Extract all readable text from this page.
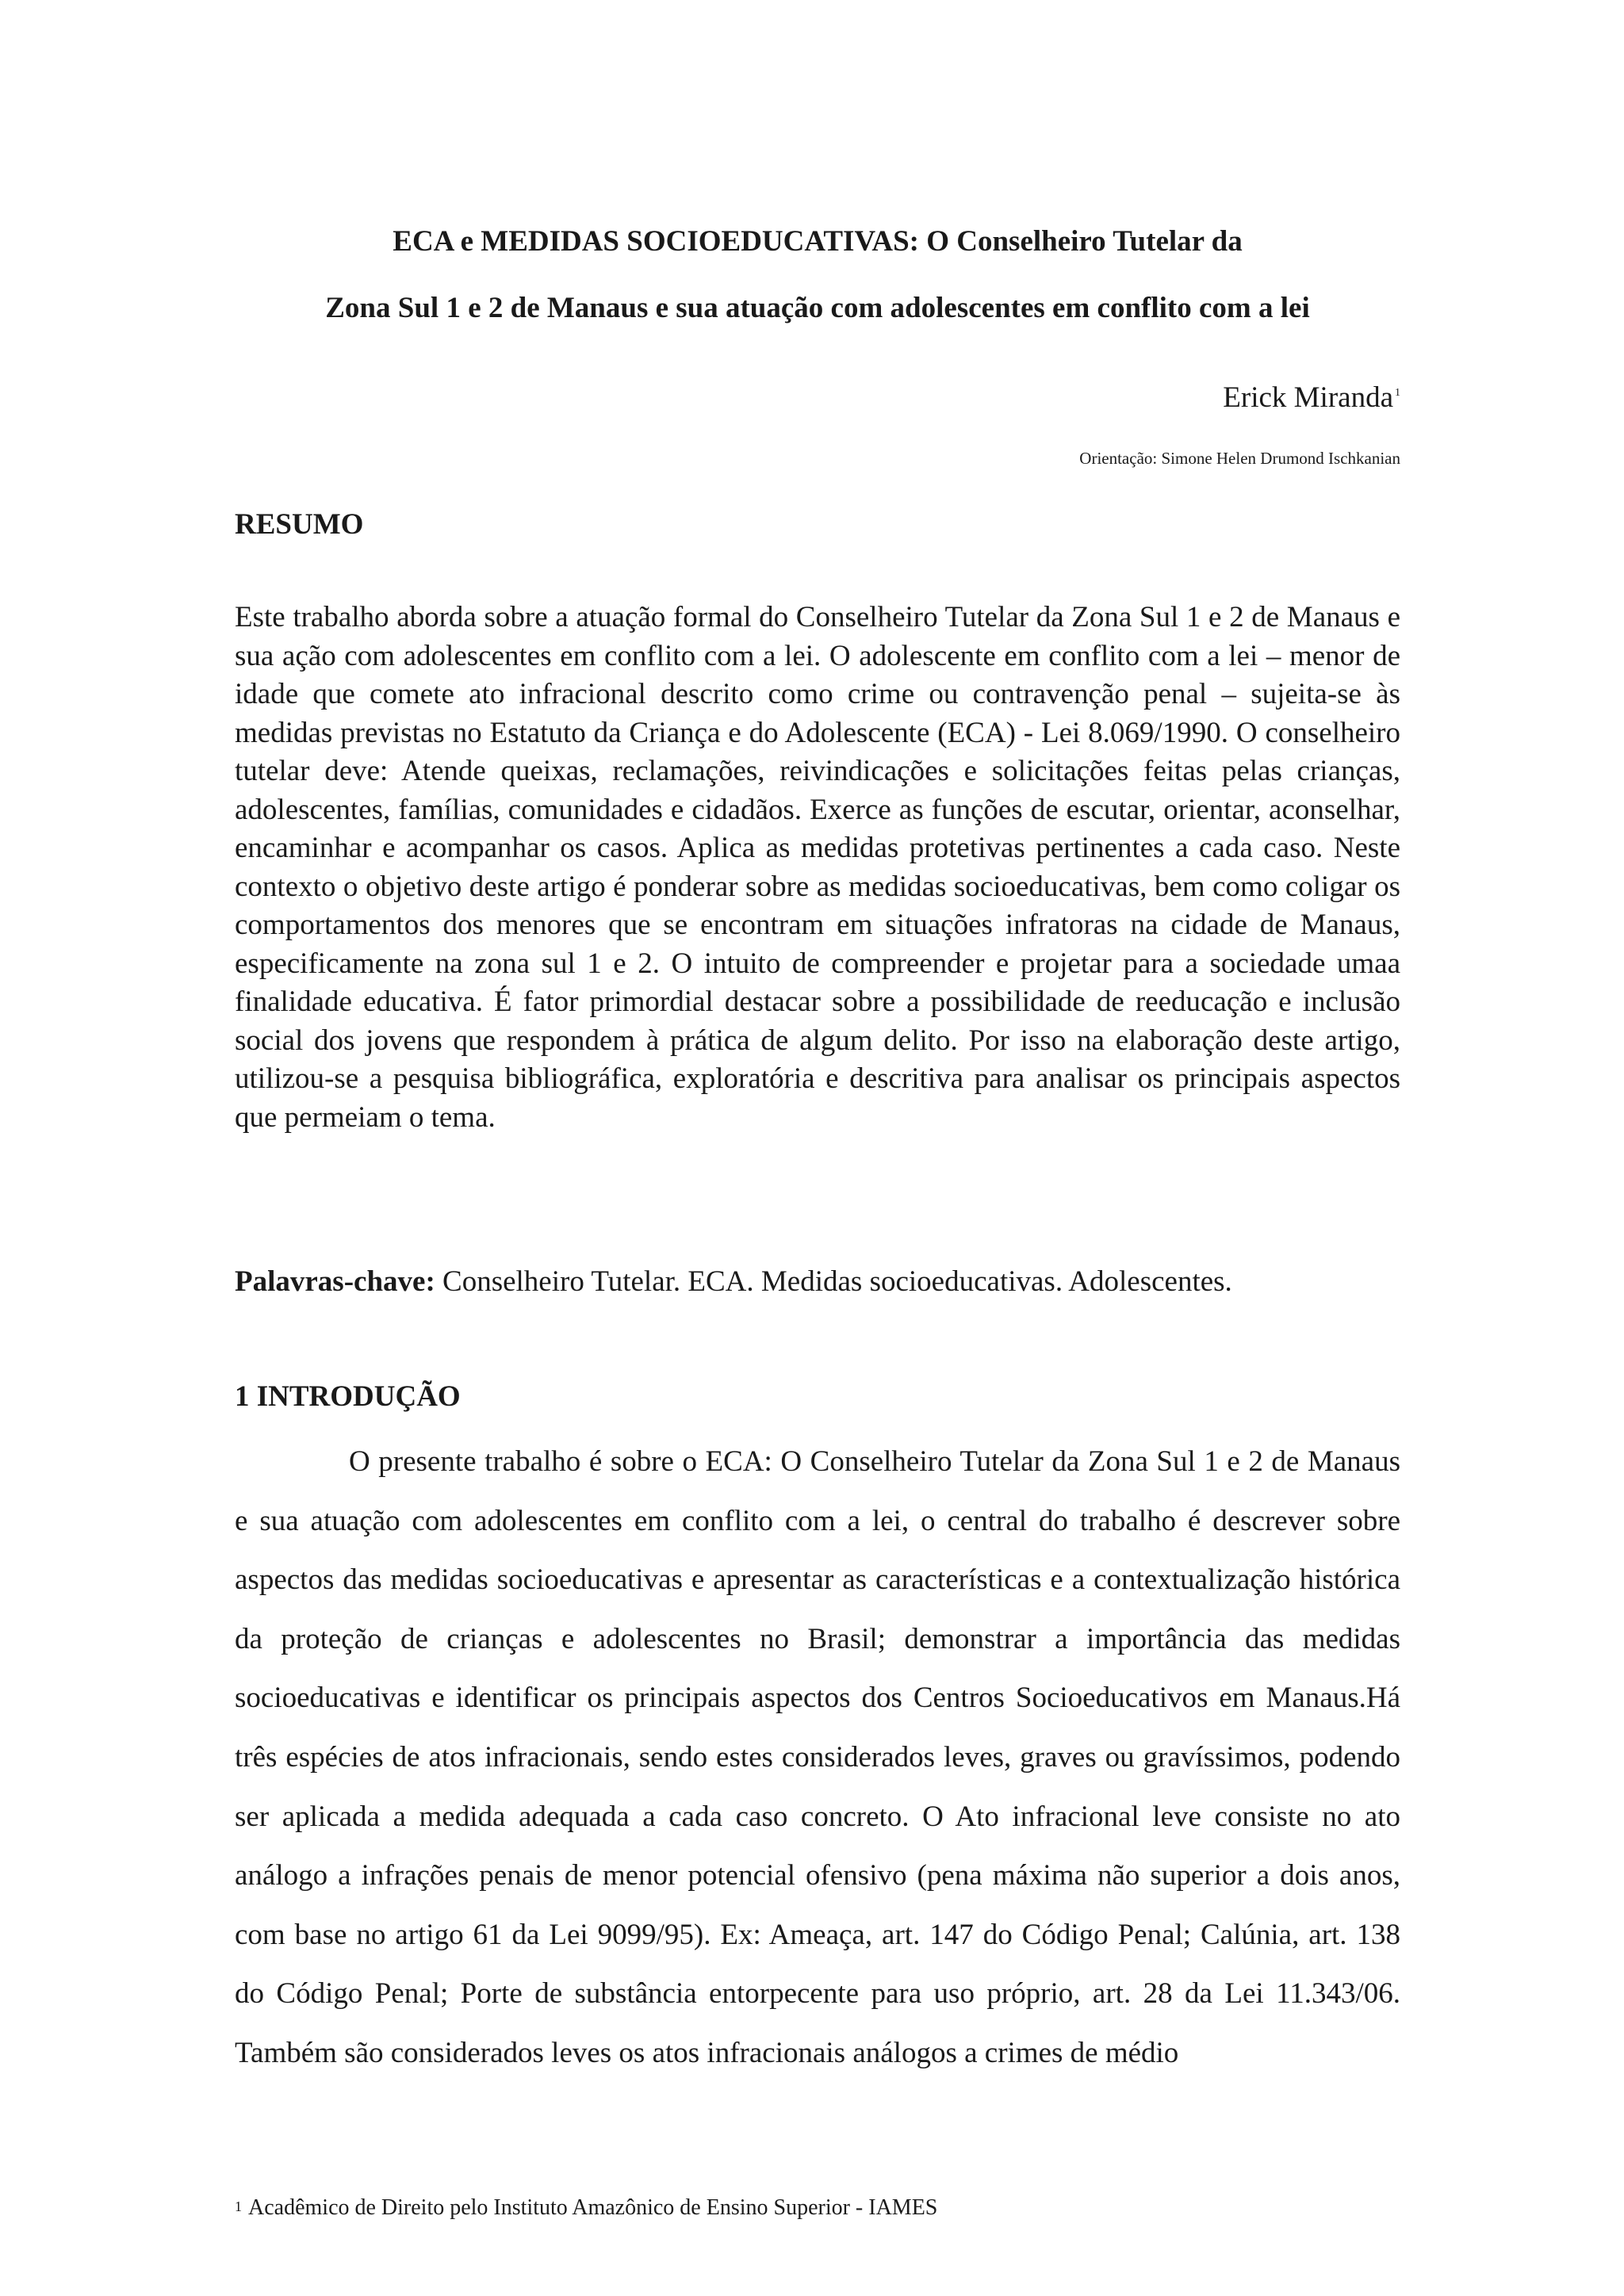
ECA e MEDIDAS SOCIOEDUCATIVAS: O Conselheiro Tutelar da
Zona Sul 1 e 2 de Manaus e sua atuação com adolescentes em conflito com a lei
Erick Miranda $^1$
Orientação: Simone Helen Drumond Ischkanian
RESUMO

Este trabalho aborda sobre a atuação formal do Conselheiro Tutelar da Zona Sul 1 e 2 de Manaus e sua ação com adolescentes em conflito com a lei. O adolescente em conflito com a lei – menor de idade que comete ato infracional descrito como crime ou contravenção penal – sujeita-se às medidas previstas no Estatuto da Criança e do Adolescente (ECA) - Lei 8.069/1990. O conselheiro tutelar deve: Atende queixas, reclamações, reivindicações e solicitações feitas pelas crianças, adolescentes, famílias, comunidades e cidadãos. Exerce as funções de escutar, orientar, aconselhar, encaminhar e acompanhar os casos. Aplica as medidas protetivas pertinentes a cada caso. Neste contexto o objetivo deste artigo é ponderar sobre as medidas socioeducativas, bem como coligar os comportamentos dos menores que se encontram em situações infratoras na cidade de Manaus, especificamente na zona sul 1 e 2. O intuito de compreender e projetar para a sociedade umaa finalidade educativa. É fator primordial destacar sobre a possibilidade de reeducação e inclusão social dos jovens que respondem à prática de algum delito. Por isso na elaboração deste artigo, utilizou-se a pesquisa bibliográfica, exploratória e descritiva para analisar os principais aspectos que permeiam o tema.

Palavras-chave: Conselheiro Tutelar. ECA. Medidas socioeducativas. Adolescentes.

1 INTRODUÇÃO

O presente trabalho é sobre o ECA: O Conselheiro Tutelar da Zona Sul 1 e 2 de Manaus e sua atuação com adolescentes em conflito com a lei, o central do trabalho é descrever sobre aspectos das medidas socioeducativas e apresentar as características e a contextualização histórica da proteção de crianças e adolescentes no Brasil; demonstrar a importância das medidas socioeducativas e identificar os principais aspectos dos Centros Socioeducativos em Manaus.Há três espécies de atos infracionais, sendo estes considerados leves, graves ou gravíssimos, podendo ser aplicada a medida adequada a cada caso concreto. O Ato infracional leve consiste no ato análogo a infrações penais de menor potencial ofensivo (pena máxima não superior a dois anos, com base no artigo 61 da Lei 9099/95). Ex: Ameaça, art. 147 do Código Penal; Calúnia, art. 138 do Código Penal; Porte de substância entorpecente para uso próprio, art. 28 da Lei 11.343/06. Também são considerados leves os atos infracionais análogos a crimes de médio

$^1$ Acadêmico de Direito pelo Instituto Amazônico de Ensino Superior - IAMES
